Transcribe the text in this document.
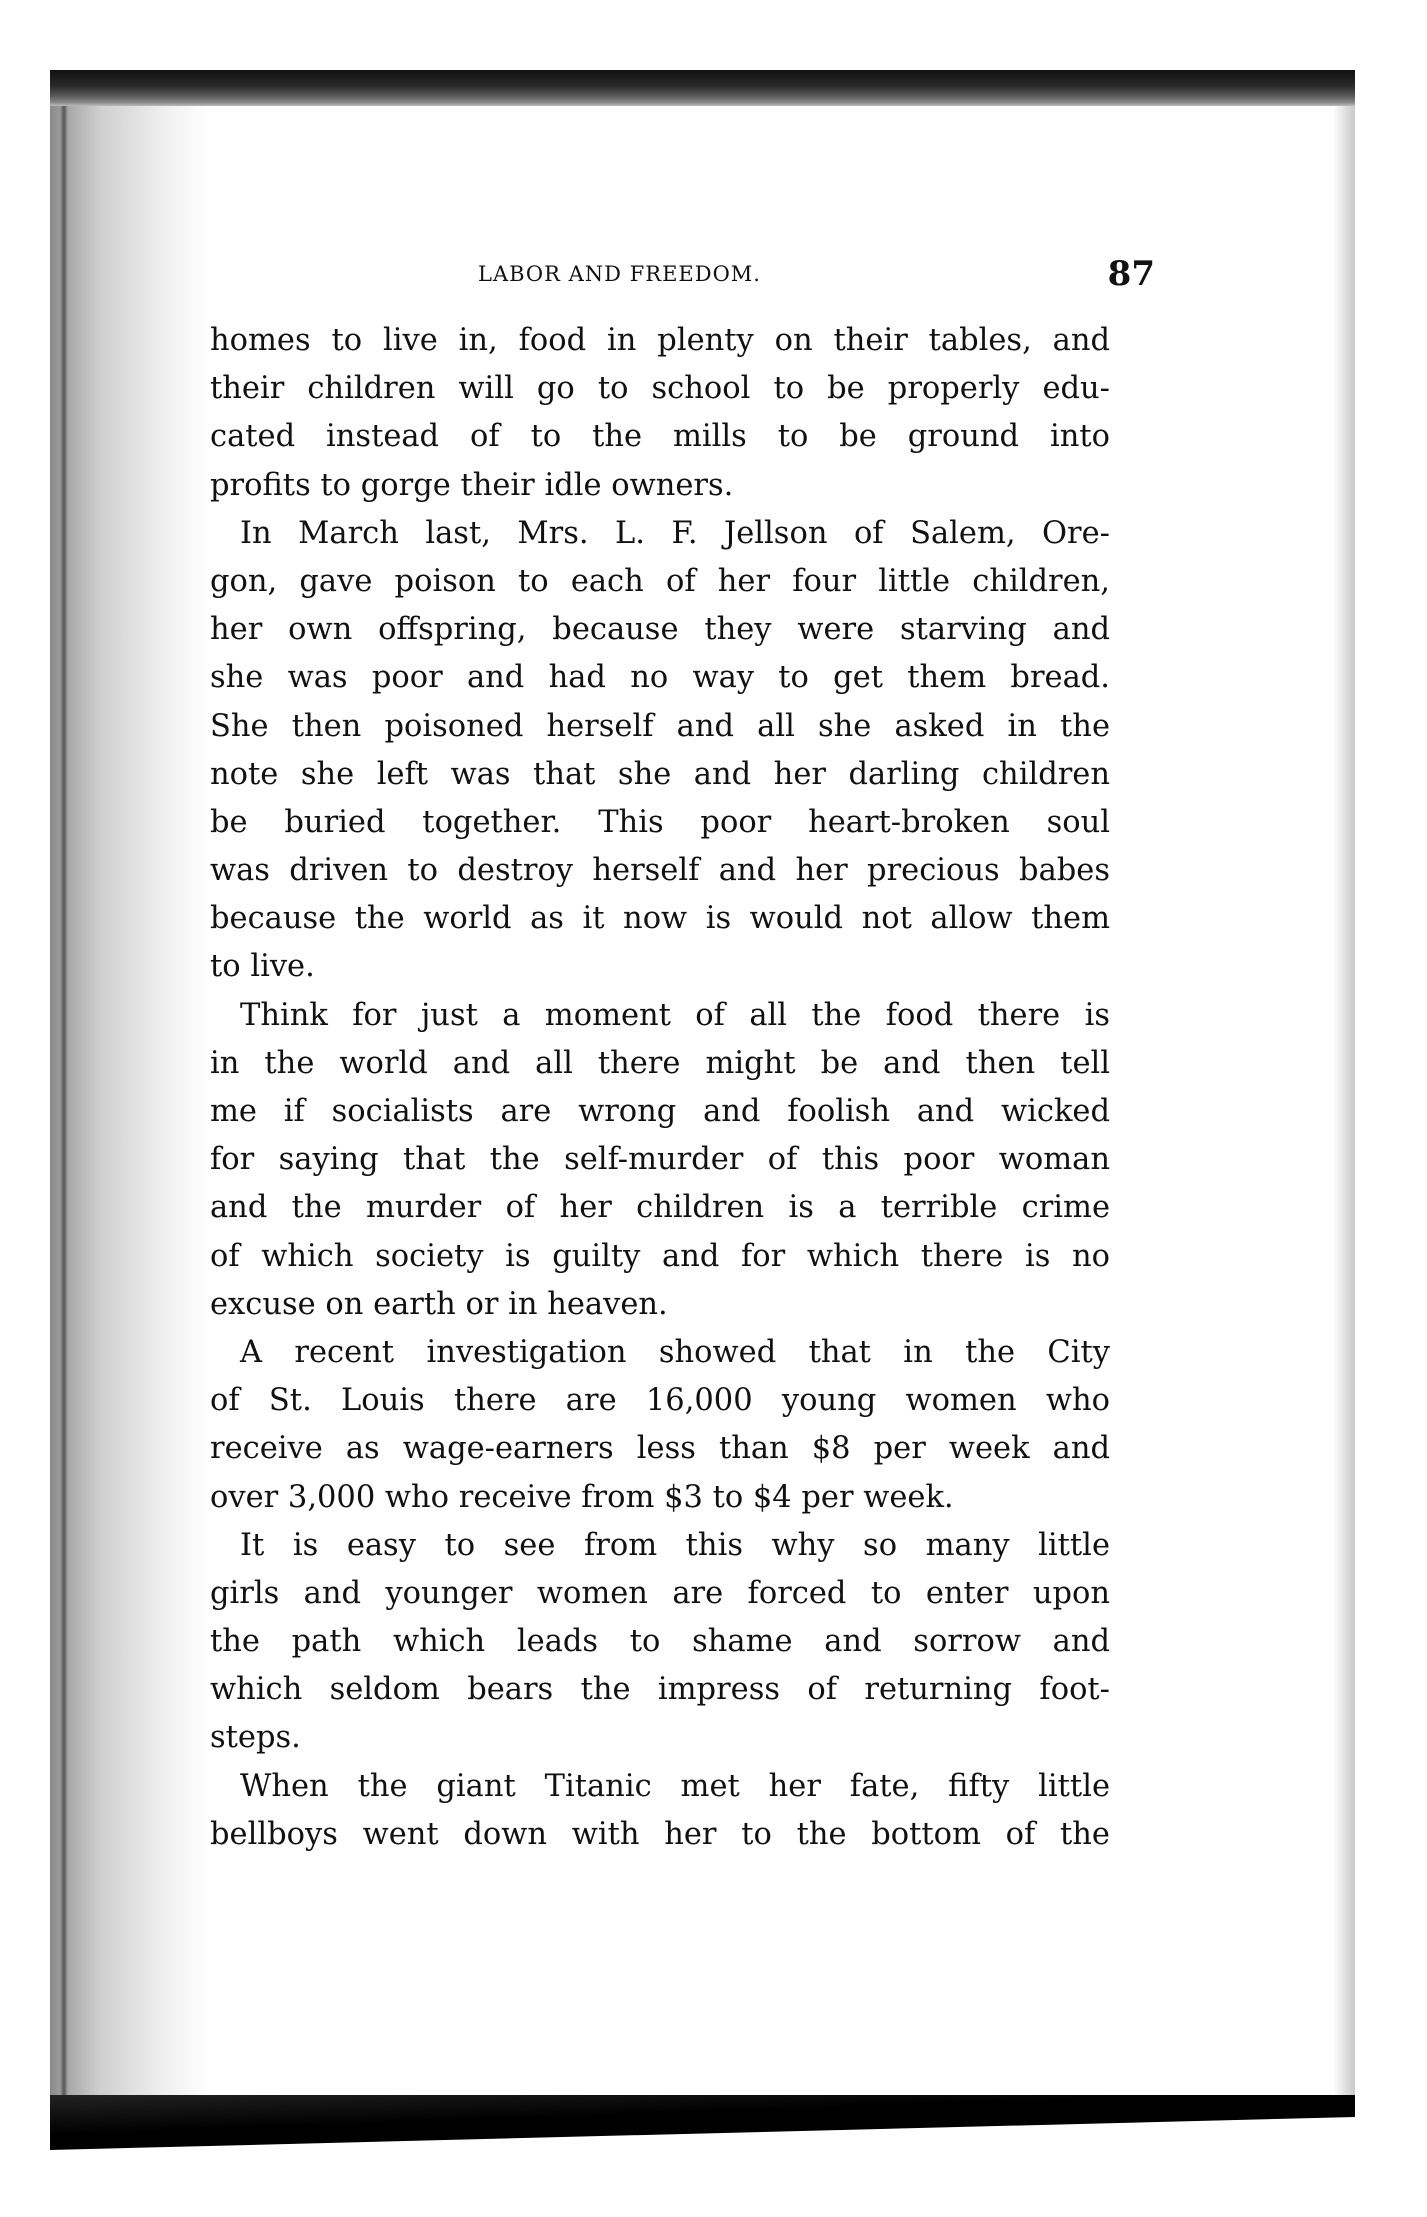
LABOR AND FREEDOM.	87
homes to live in, food in plenty on their tables, and
their children will go to school to be properly edu-
cated instead of to the mills to be ground into
profits to gorge their idle owners.
In March last, Mrs. L. F. Jellson of Salem, Ore-
gon, gave poison to each of her four little children,
her own offspring, because they were starving and
she was poor and had no way to get them bread.
She then poisoned herself and all she asked in the
note she left was that she and her darling children
be buried together. This poor heart-broken soul
was driven to destroy herself and her precious babes
because the world as it now is would not allow them
to live.
Think for just a moment of all the food there is
in the world and all there might be and then tell
me if socialists are wrong and foolish and wicked
for saying that the self-murder of this poor woman
and the murder of her children is a terrible crime
of which society is guilty and for which there is no
excuse on earth or in heaven.
A recent investigation showed that in the City
of St. Louis there are 16,000 young women who
receive as wage-earners less than $8 per week and
over 3,000 who receive from $3 to $4 per week.
It is easy to see from this why so many little
girls and younger women are forced to enter upon
the path which leads to shame and sorrow and
which seldom bears the impress of returning foot-
steps.
When the giant Titanic met her fate, fifty little
bellboys went down with her to the bottom of the
